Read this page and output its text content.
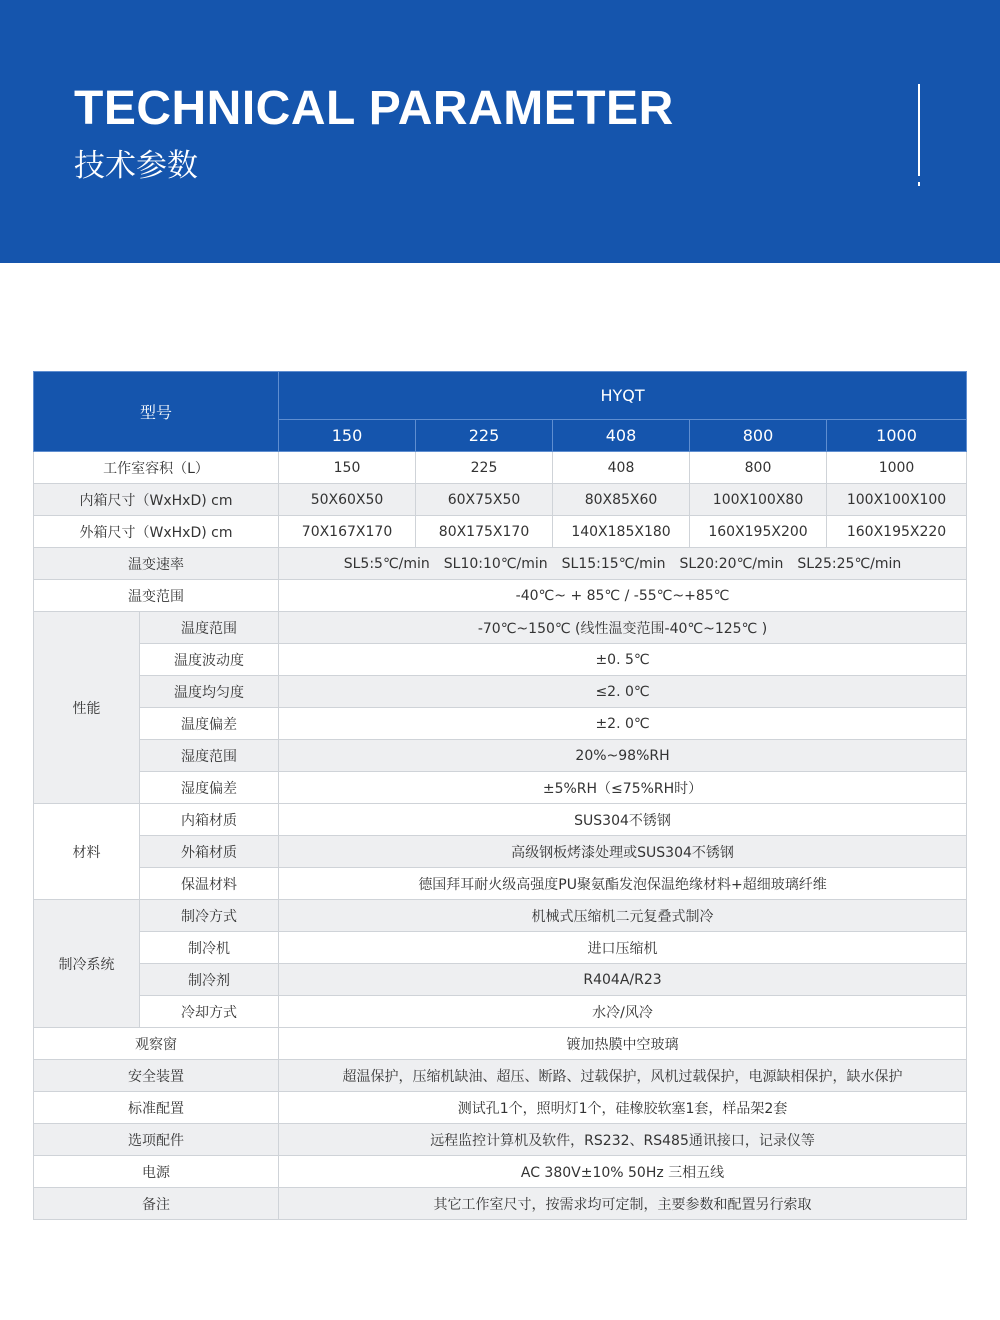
TECHNICAL PARAMETER
技术参数
型号		HYQT				
		150	225	408	800	1000
工作室容积（L）		150	225	408	800	1000
内箱尺寸（WxHxD) cm		50X60X50	60X75X50	80X85X60	100X100X80	100X100X100
外箱尺寸（WxHxD) cm		70X167X170	80X175X170	140X185X180	160X195X200	160X195X220
温变速率		SL5:5℃/min SL10:10℃/min SL15:15℃/min SL20:20℃/min SL25:25℃/min				
温变范围		-40℃~ + 85℃ / -55℃~+85℃				
性能	温度范围	-70℃~150℃ (线性温变范围-40℃~125℃ )				
	温度波动度	±0. 5℃				
	温度均匀度	≤2. 0℃				
	温度偏差	±2. 0℃				
	湿度范围	20%~98%RH				
	湿度偏差	±5%RH（≤75%RH时）				
材料	内箱材质	SUS304不锈钢				
	外箱材质	高级钢板烤漆处理或SUS304不锈钢				
	保温材料	德国拜耳耐火级高强度PU聚氨酯发泡保温绝缘材料+超细玻璃纤维				
制冷系统	制冷方式	机械式压缩机二元复叠式制冷				
	制冷机	进口压缩机				
	制冷剂	R404A/R23				
	冷却方式	水冷/风冷				
观察窗		镀加热膜中空玻璃				
安全装置		超温保护，压缩机缺油、超压、断路、过载保护，风机过载保护，电源缺相保护，缺水保护				
标准配置		测试孔1个，照明灯1个，硅橡胶软塞1套，样品架2套				
选项配件		远程监控计算机及软件，RS232、RS485通讯接口，记录仪等				
电源		AC 380V±10% 50Hz 三相五线				
备注		其它工作室尺寸，按需求均可定制，主要参数和配置另行索取				
